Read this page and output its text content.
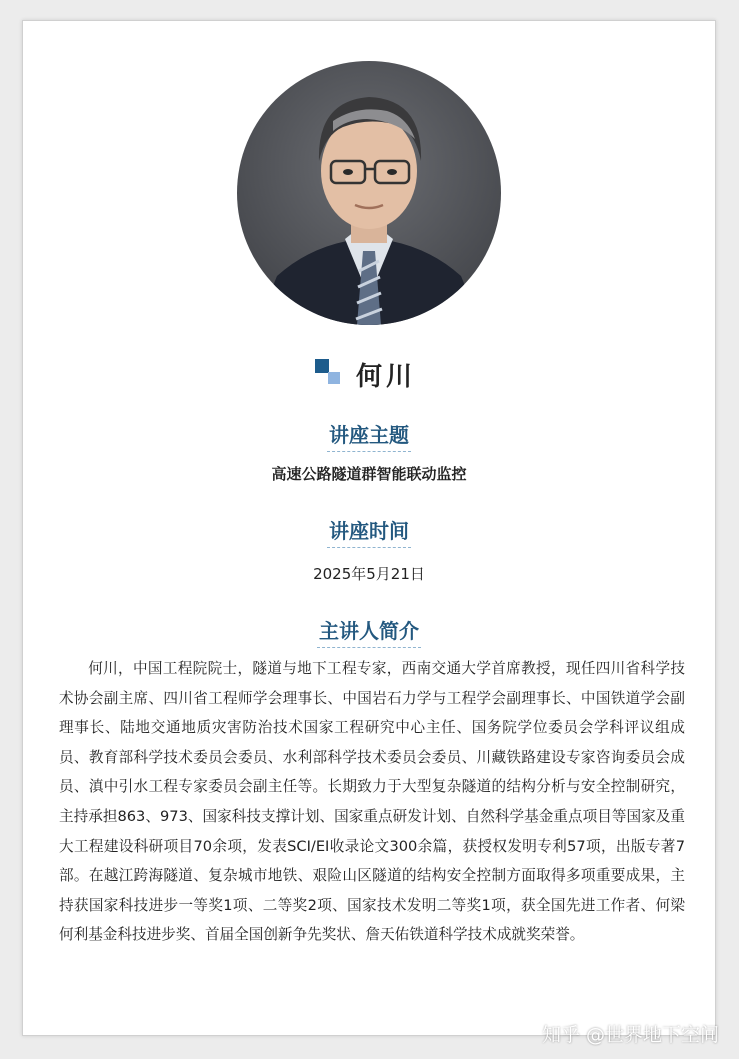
何川
讲座主题
高速公路隧道群智能联动监控
讲座时间
2025年5月21日
主讲人简介
何川，中国工程院院士，隧道与地下工程专家，西南交通大学首席教授，现任四川省科学技术协会副主席、四川省工程师学会理事长、中国岩石力学与工程学会副理事长、中国铁道学会副理事长、陆地交通地质灾害防治技术国家工程研究中心主任、国务院学位委员会学科评议组成员、教育部科学技术委员会委员、水利部科学技术委员会委员、川藏铁路建设专家咨询委员会成员、滇中引水工程专家委员会副主任等。长期致力于大型复杂隧道的结构分析与安全控制研究，主持承担863、973、国家科技支撑计划、国家重点研发计划、自然科学基金重点项目等国家及重大工程建设科研项目70余项，发表SCI/EI收录论文300余篇，获授权发明专利57项，出版专著7部。在越江跨海隧道、复杂城市地铁、艰险山区隧道的结构安全控制方面取得多项重要成果，主持获国家科技进步一等奖1项、二等奖2项、国家技术发明二等奖1项，获全国先进工作者、何梁何利基金科技进步奖、首届全国创新争先奖状、詹天佑铁道科学技术成就奖荣誉。
知乎 @世界地下空间
